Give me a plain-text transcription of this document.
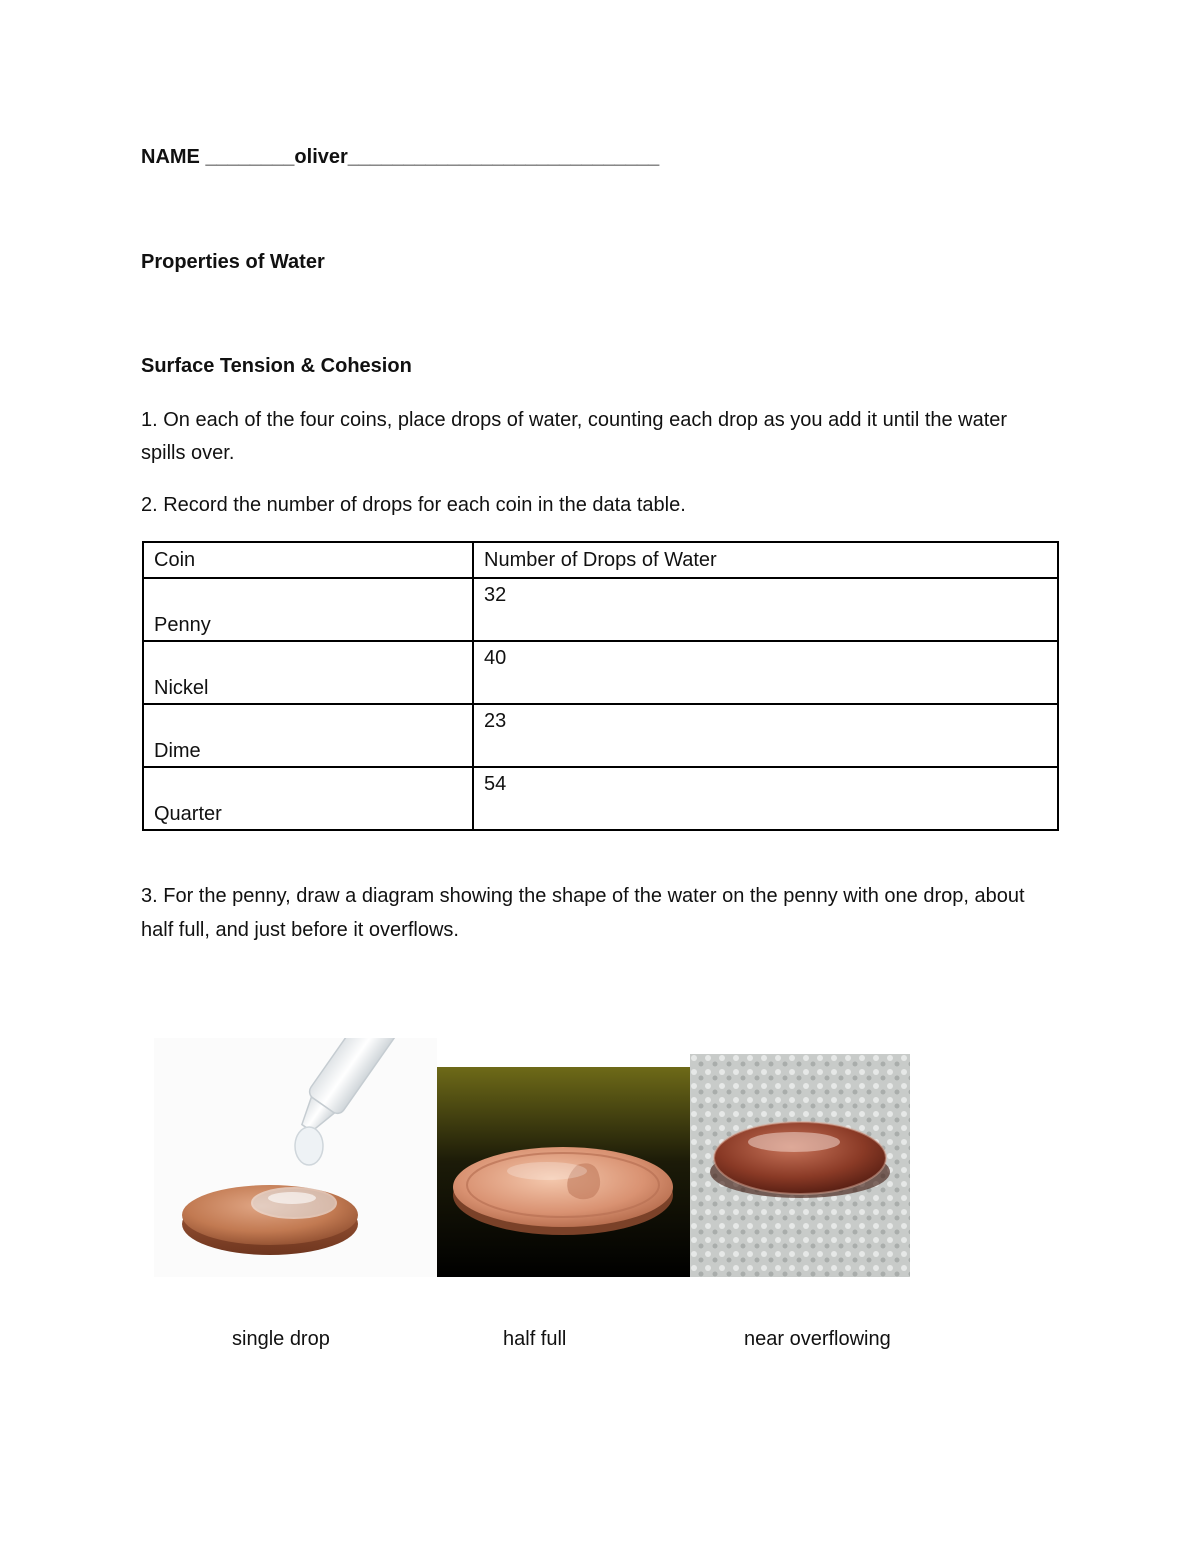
NAME ________oliver____________________________
Properties of Water
Surface Tension & Cohesion
1. On each of the four coins, place drops of water, counting each drop as you add it until the water spills over.
2. Record the number of drops for each coin in the data table.
Coin	Number of Drops of Water

Penny	32

Nickel	40

Dime	23

Quarter	54
3. For the penny, draw a diagram showing the shape of the water on the penny with one drop, about half full, and just before it overflows.
single drop	half full	near overflowing
